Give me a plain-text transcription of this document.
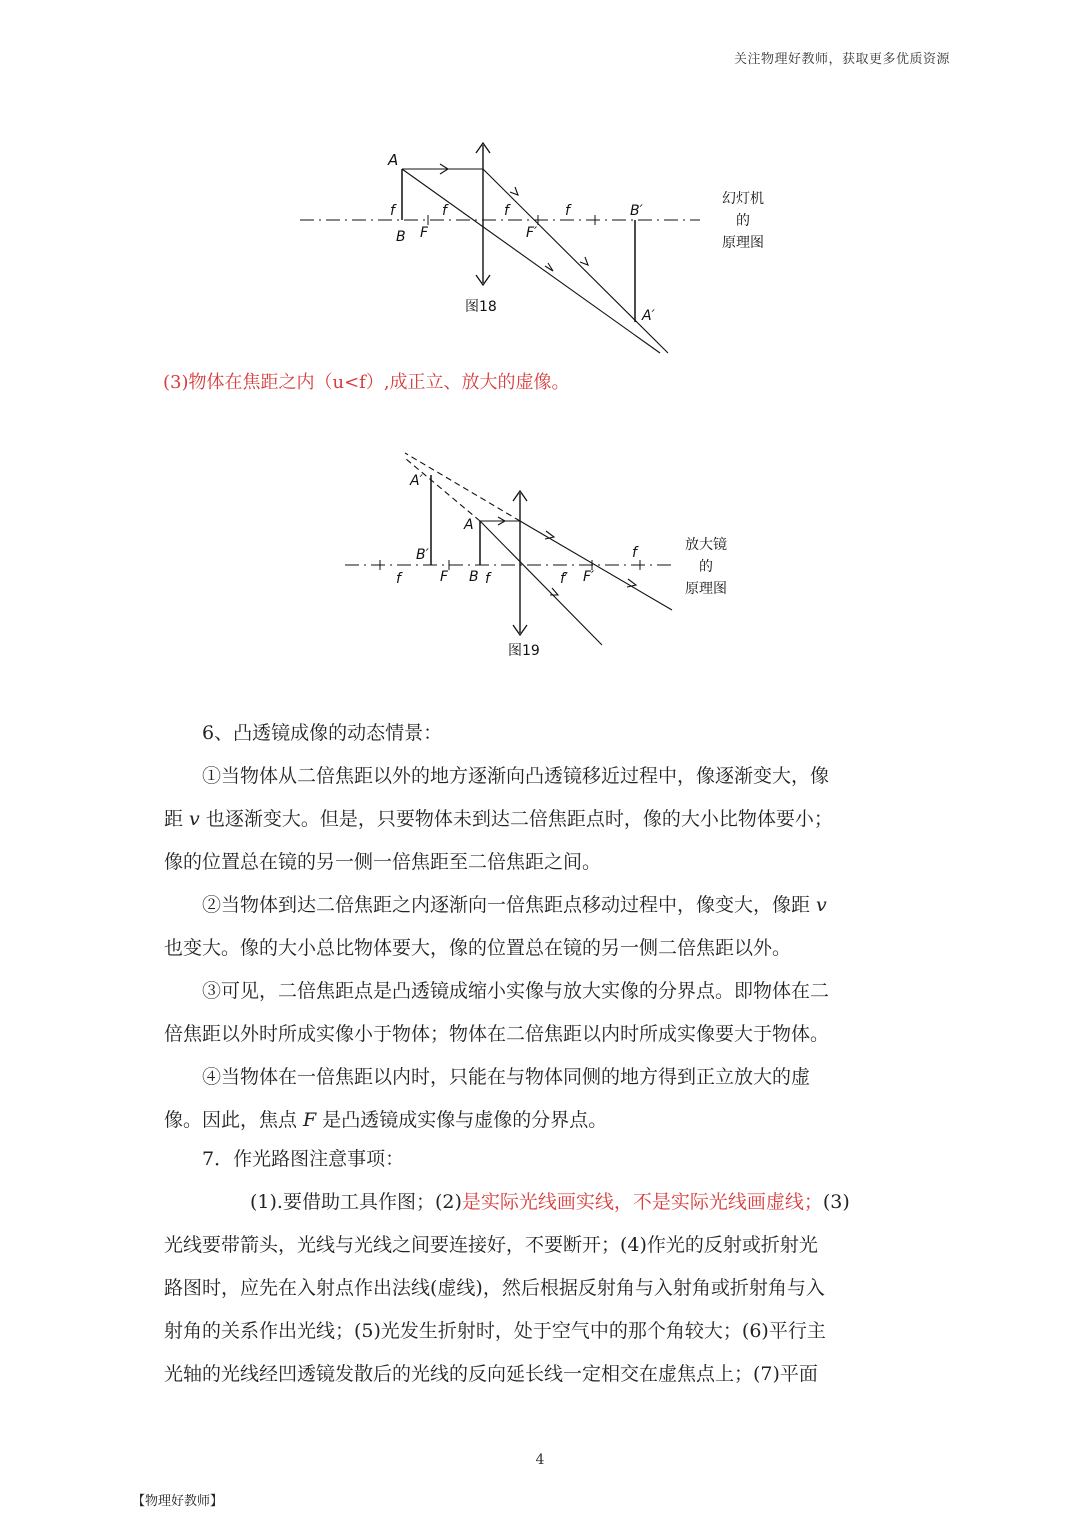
关注物理好教师，获取更多优质资源
A
B F	F′
f	f	f	f	B′
A′
图18
幻灯机
的
原理图
(3)物体在焦距之内（u<f）,成正立、放大的虚像。
A′
A
B′
F B f
f	f′ F′
f
图19
放大镜
的
原理图
6、凸透镜成像的动态情景：
①当物体从二倍焦距以外的地方逐渐向凸透镜移近过程中，像逐渐变大，像
距 v 也逐渐变大。但是，只要物体未到达二倍焦距点时，像的大小比物体要小；
像的位置总在镜的另一侧一倍焦距至二倍焦距之间。
②当物体到达二倍焦距之内逐渐向一倍焦距点移动过程中，像变大，像距 v
也变大。像的大小总比物体要大，像的位置总在镜的另一侧二倍焦距以外。
③可见，二倍焦距点是凸透镜成缩小实像与放大实像的分界点。即物体在二
倍焦距以外时所成实像小于物体；物体在二倍焦距以内时所成实像要大于物体。
④当物体在一倍焦距以内时，只能在与物体同侧的地方得到正立放大的虚
像。因此，焦点 F 是凸透镜成实像与虚像的分界点。
7．作光路图注意事项：
(1).要借助工具作图；(2)是实际光线画实线，不是实际光线画虚线；(3)
光线要带箭头，光线与光线之间要连接好，不要断开；(4)作光的反射或折射光
路图时，应先在入射点作出法线(虚线)，然后根据反射角与入射角或折射角与入
射角的关系作出光线；(5)光发生折射时，处于空气中的那个角较大；(6)平行主
光轴的光线经凹透镜发散后的光线的反向延长线一定相交在虚焦点上；(7)平面
4
【物理好教师】
